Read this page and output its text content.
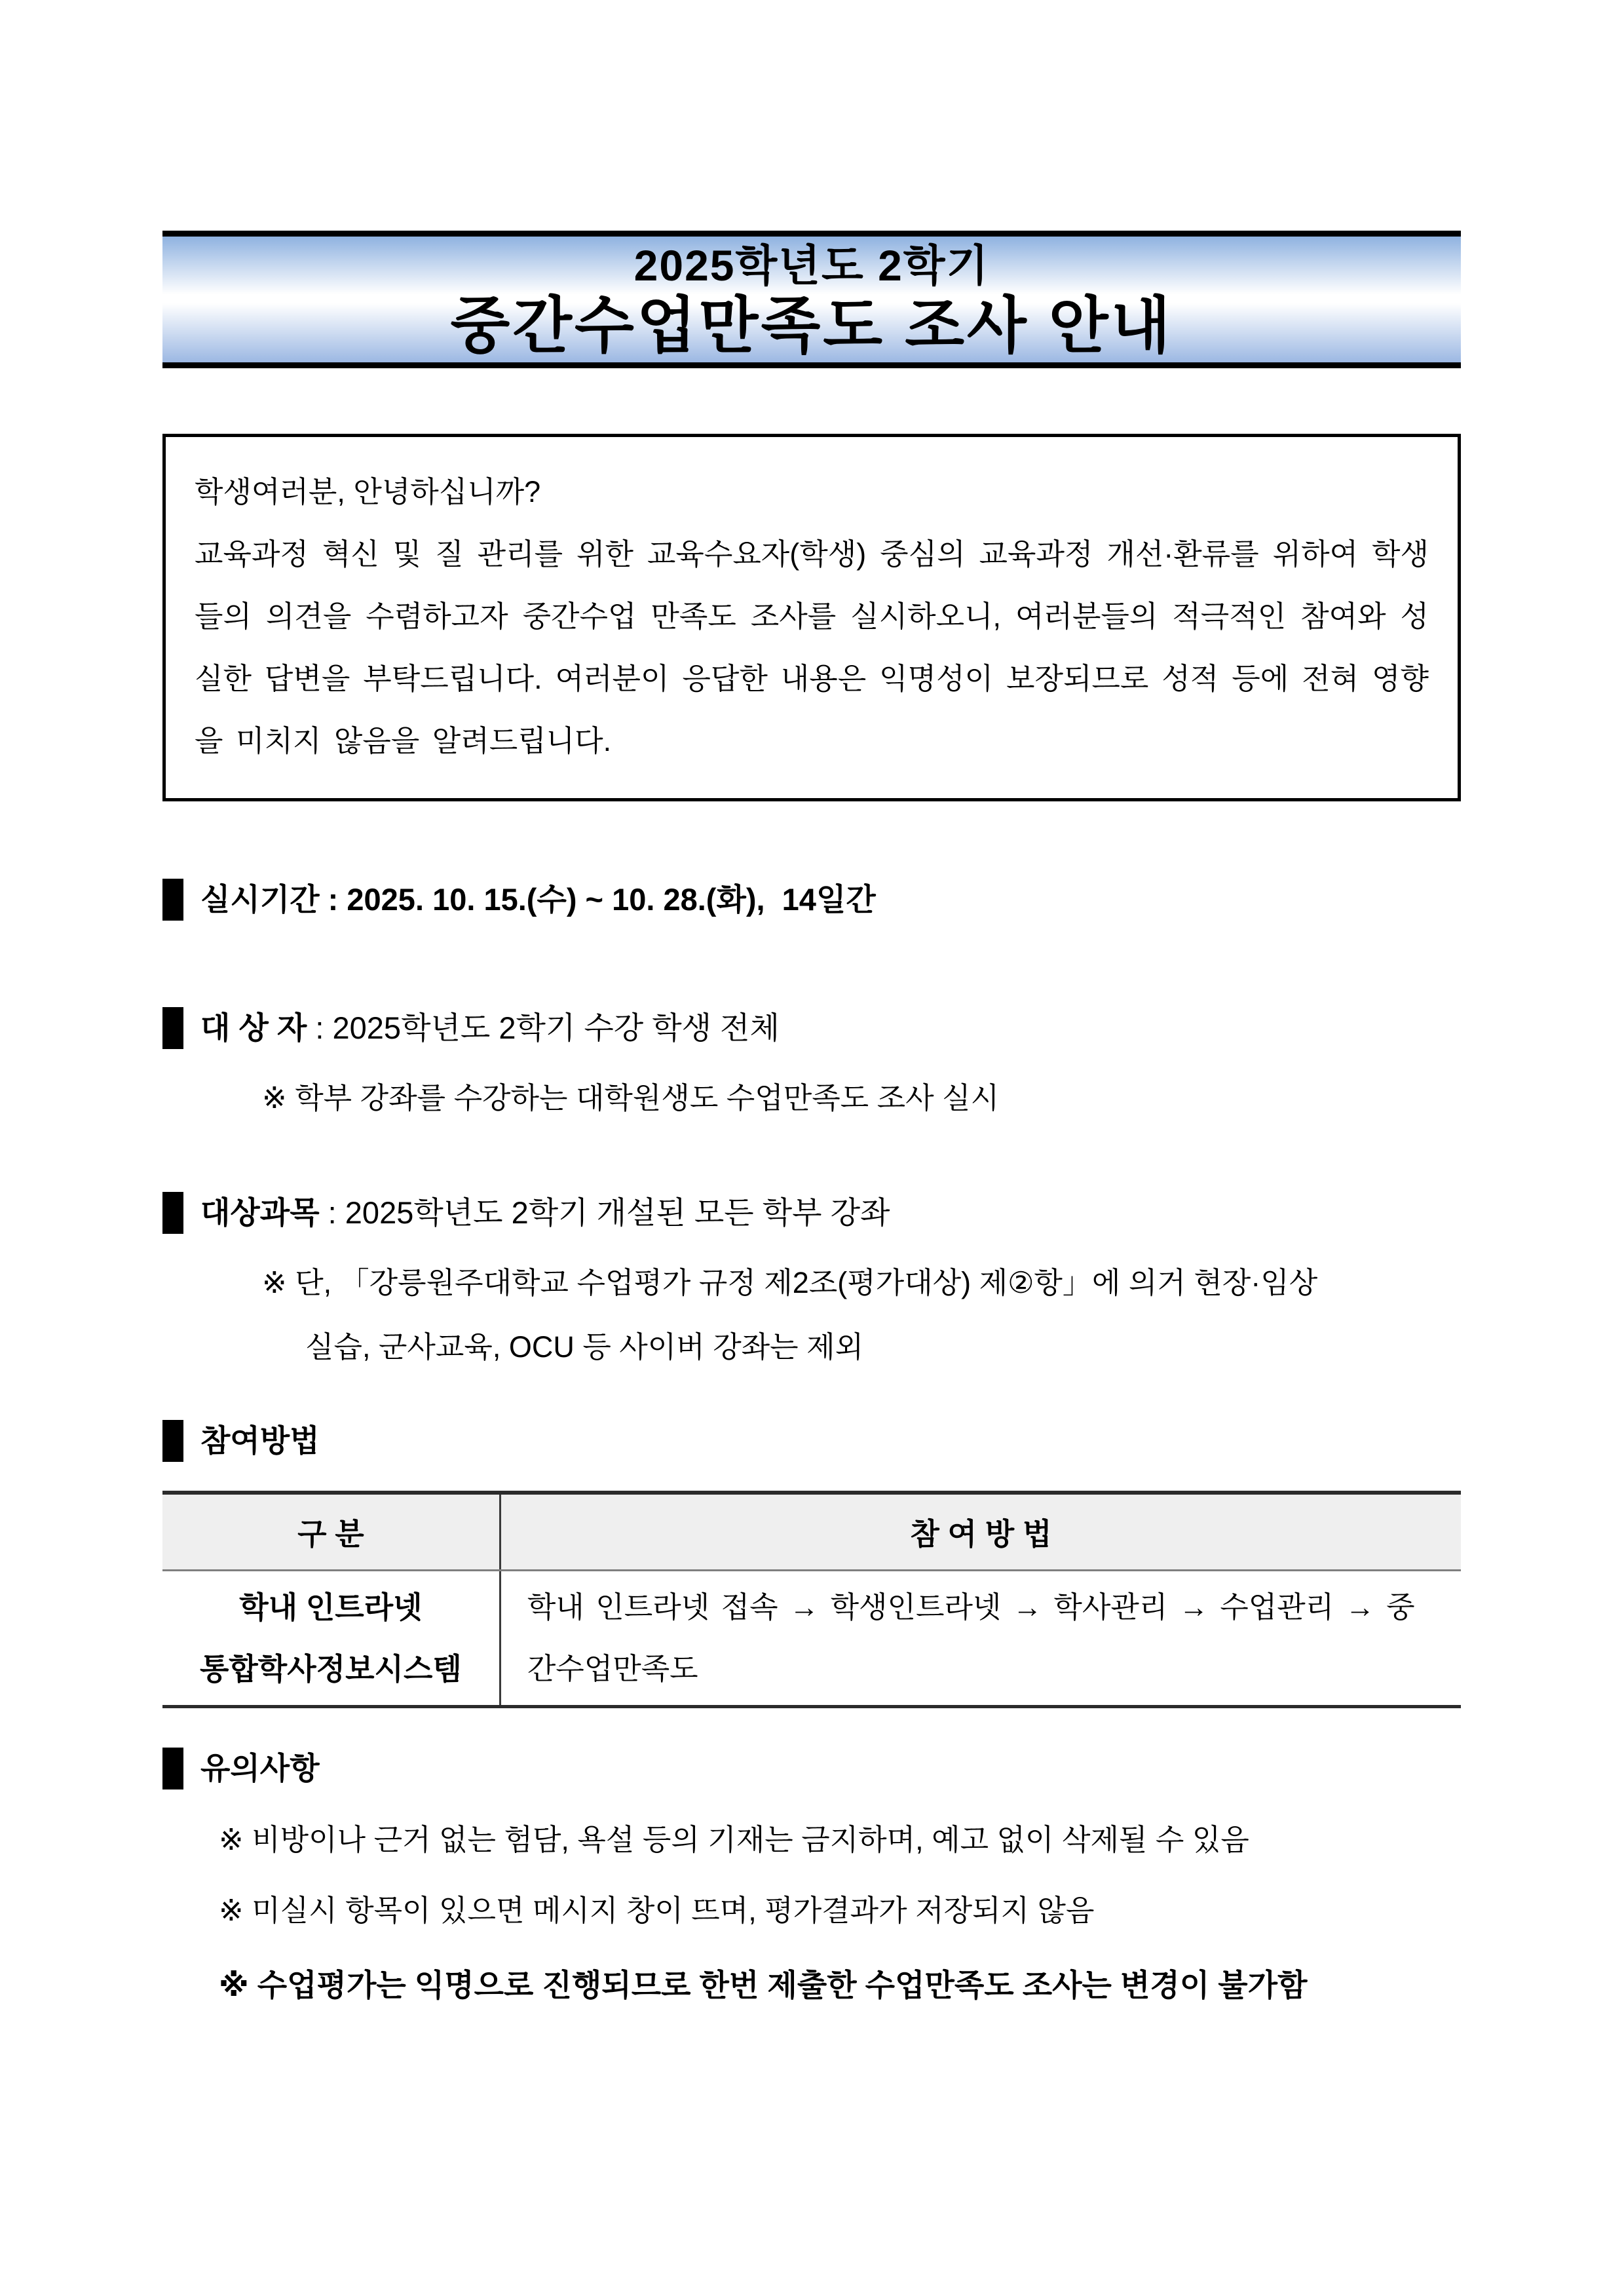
2025학년도 2학기
중간수업만족도 조사 안내

학생여러분, 안녕하십니까?

교육과정 혁신 및 질 관리를 위한 교육수요자(학생) 중심의 교육과정 개선·환류를 위하여 학생들의 의견을 수렴하고자 중간수업 만족도 조사를 실시하오니, 여러분들의 적극적인 참여와 성실한 답변을 부탁드립니다. 여러분이 응답한 내용은 익명성이 보장되므로 성적 등에 전혀 영향을 미치지 않음을 알려드립니다.

실시기간 : 2025. 10. 15.(수) ~ 10. 28.(화),  14일간
대 상 자 : 2025학년도 2학기 수강 학생 전체
※ 학부 강좌를 수강하는 대학원생도 수업만족도 조사 실시
대상과목 : 2025학년도 2학기 개설된 모든 학부 강좌
※ 단, 「강릉원주대학교 수업평가 규정 제2조(평가대상) 제②항」에 의거 현장·임상
실습, 군사교육, OCU 등 사이버 강좌는 제외
참여방법
구 분	참 여 방 법

학내 인트라넷
통합학사정보시스템	학내 인트라넷 접속 → 학생인트라넷 → 학사관리 → 수업관리 → 중간수업만족도
유의사항
※ 비방이나 근거 없는 험담, 욕설 등의 기재는 금지하며, 예고 없이 삭제될 수 있음
※ 미실시 항목이 있으면 메시지 창이 뜨며, 평가결과가 저장되지 않음
※ 수업평가는 익명으로 진행되므로 한번 제출한 수업만족도 조사는 변경이 불가함
